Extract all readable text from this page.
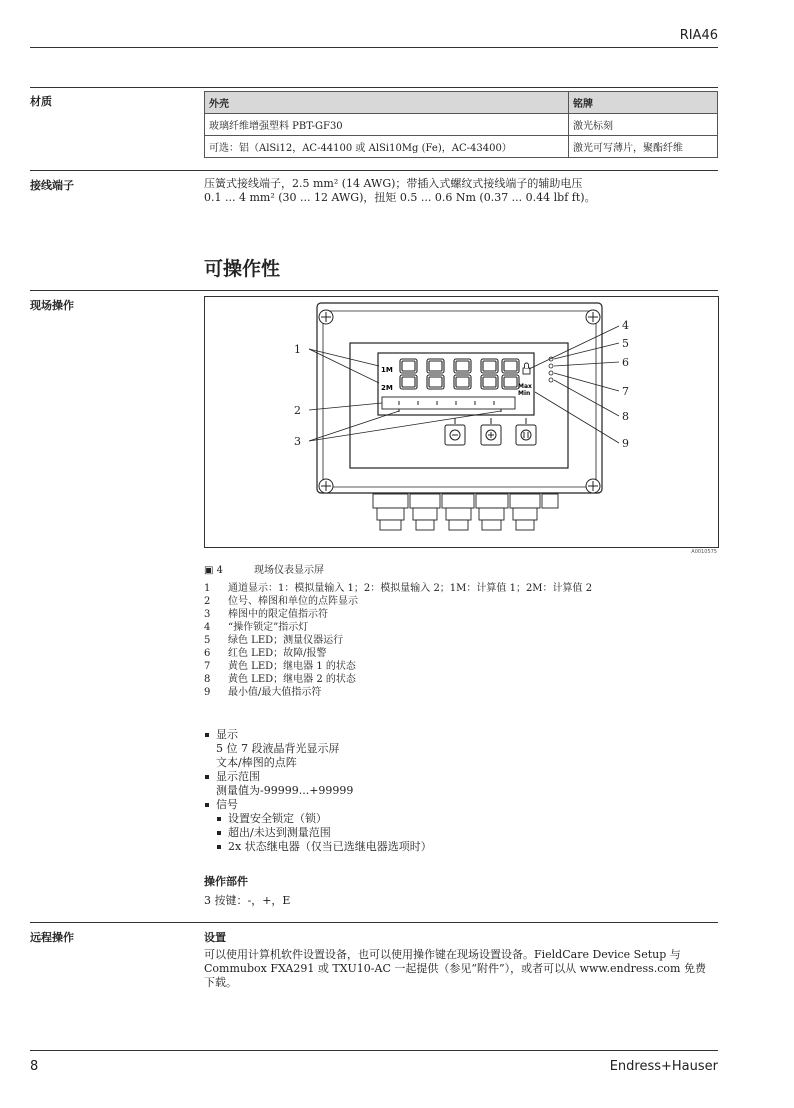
RIA46
材质	外壳	铭牌
玻璃纤维增强塑料 PBT-GF30	激光标刻
可选：铝（AlSi12，AC-44100 或 AlSi10Mg (Fe)，AC-43400）	激光可写薄片，聚酯纤维
接线端子	压簧式接线端子，2.5 mm² (14 AWG)；带插入式螺纹式接线端子的辅助电压
0.1 ... 4 mm² (30 ... 12 AWG)，扭矩 0.5 ... 0.6 Nm (0.37 ... 0.44 lbf ft)。
可操作性
现场操作
1M
2M	Max
Min
1
2
3
4
5
6
7
8
9
A0010575
▣ 4	现场仪表显示屏
1	通道显示：1：模拟量输入 1；2：模拟量输入 2；1M：计算值 1；2M：计算值 2
2	位号、棒图和单位的点阵显示
3	棒图中的限定值指示符
4	“操作锁定”指示灯
5	绿色 LED；测量仪器运行
6	红色 LED；故障/报警
7	黄色 LED；继电器 1 的状态
8	黄色 LED；继电器 2 的状态
9	最小值/最大值指示符
显示
5 位 7 段液晶背光显示屏
文本/棒图的点阵
显示范围
测量值为-99999...+99999
信号
设置安全锁定（锁）
超出/未达到测量范围
2x 状态继电器（仅当已选继电器选项时）
操作部件
3 按键：-，+，E
远程操作	设置
可以使用计算机软件设置设备，也可以使用操作键在现场设置设备。FieldCare Device Setup 与
Commubox FXA291 或 TXU10-AC 一起提供（参见“附件”），或者可以从 www.endress.com 免费
下载。
8	Endress+Hauser
